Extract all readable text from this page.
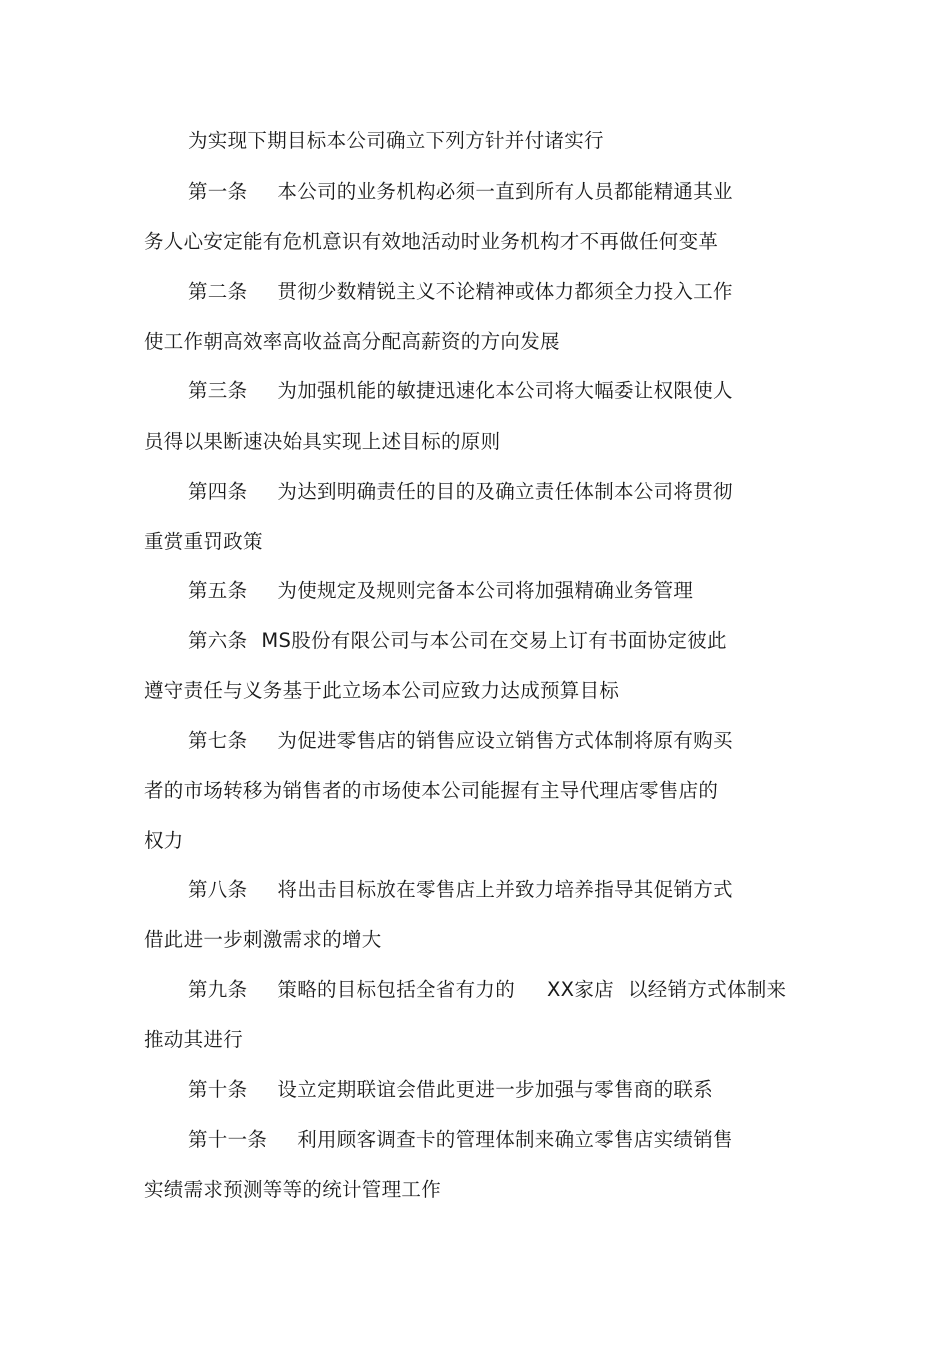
为实现下期目标本公司确立下列方针并付诸实行
第一条 本公司的业务机构必须一直到所有人员都能精通其业
务人心安定能有危机意识有效地活动时业务机构才不再做任何变革
第二条 贯彻少数精锐主义不论精神或体力都须全力投入工作
使工作朝高效率高收益高分配高薪资的方向发展
第三条 为加强机能的敏捷迅速化本公司将大幅委让权限使人
员得以果断速决始具实现上述目标的原则
第四条 为达到明确责任的目的及确立责任体制本公司将贯彻
重赏重罚政策
第五条 为使规定及规则完备本公司将加强精确业务管理
第六条 MS股份有限公司与本公司在交易上订有书面协定彼此
遵守责任与义务基于此立场本公司应致力达成预算目标
第七条 为促进零售店的销售应设立销售方式体制将原有购买
者的市场转移为销售者的市场使本公司能握有主导代理店零售店的
权力
第八条 将出击目标放在零售店上并致力培养指导其促销方式
借此进一步刺激需求的增大
第九条 策略的目标包括全省有力的 XX家店 以经销方式体制来
推动其进行
第十条 设立定期联谊会借此更进一步加强与零售商的联系
第十一条 利用顾客调查卡的管理体制来确立零售店实绩销售
实绩需求预测等等的统计管理工作
